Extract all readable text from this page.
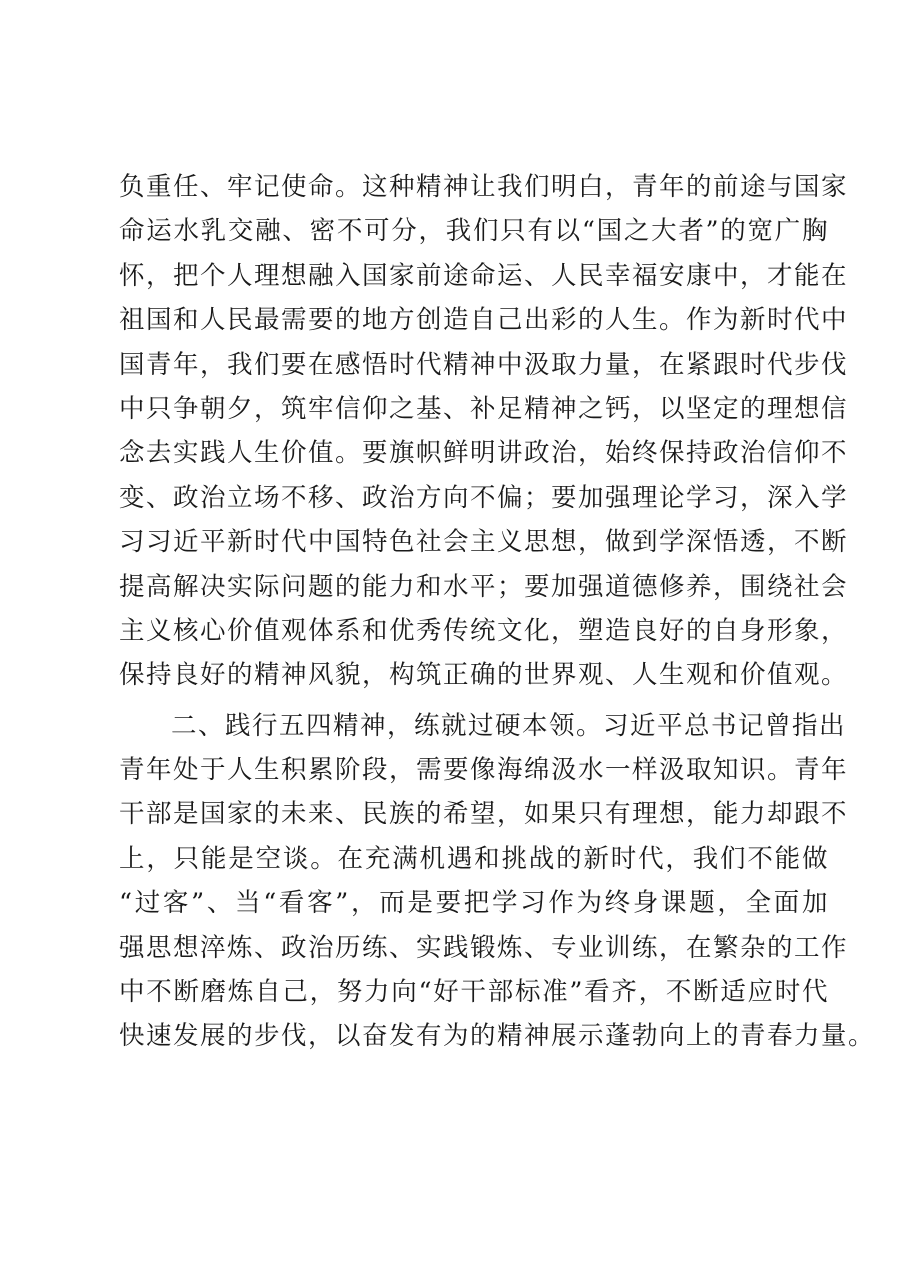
负重任、牢记使命。这种精神让我们明白，青年的前途与国家
命运水乳交融、密不可分，我们只有以“国之大者”的宽广胸
怀，把个人理想融入国家前途命运、人民幸福安康中，才能在
祖国和人民最需要的地方创造自己出彩的人生。作为新时代中
国青年，我们要在感悟时代精神中汲取力量，在紧跟时代步伐
中只争朝夕，筑牢信仰之基、补足精神之钙，以坚定的理想信
念去实践人生价值。要旗帜鲜明讲政治，始终保持政治信仰不
变、政治立场不移、政治方向不偏；要加强理论学习，深入学
习习近平新时代中国特色社会主义思想，做到学深悟透，不断
提高解决实际问题的能力和水平；要加强道德修养，围绕社会
主义核心价值观体系和优秀传统文化，塑造良好的自身形象，
保持良好的精神风貌，构筑正确的世界观、人生观和价值观。
二、践行五四精神，练就过硬本领。习近平总书记曾指出
青年处于人生积累阶段，需要像海绵汲水一样汲取知识。青年
干部是国家的未来、民族的希望，如果只有理想，能力却跟不
上，只能是空谈。在充满机遇和挑战的新时代，我们不能做
“过客”、当“看客”，而是要把学习作为终身课题，全面加
强思想淬炼、政治历练、实践锻炼、专业训练，在繁杂的工作
中不断磨炼自己，努力向“好干部标准”看齐，不断适应时代
快速发展的步伐，以奋发有为的精神展示蓬勃向上的青春力量。
